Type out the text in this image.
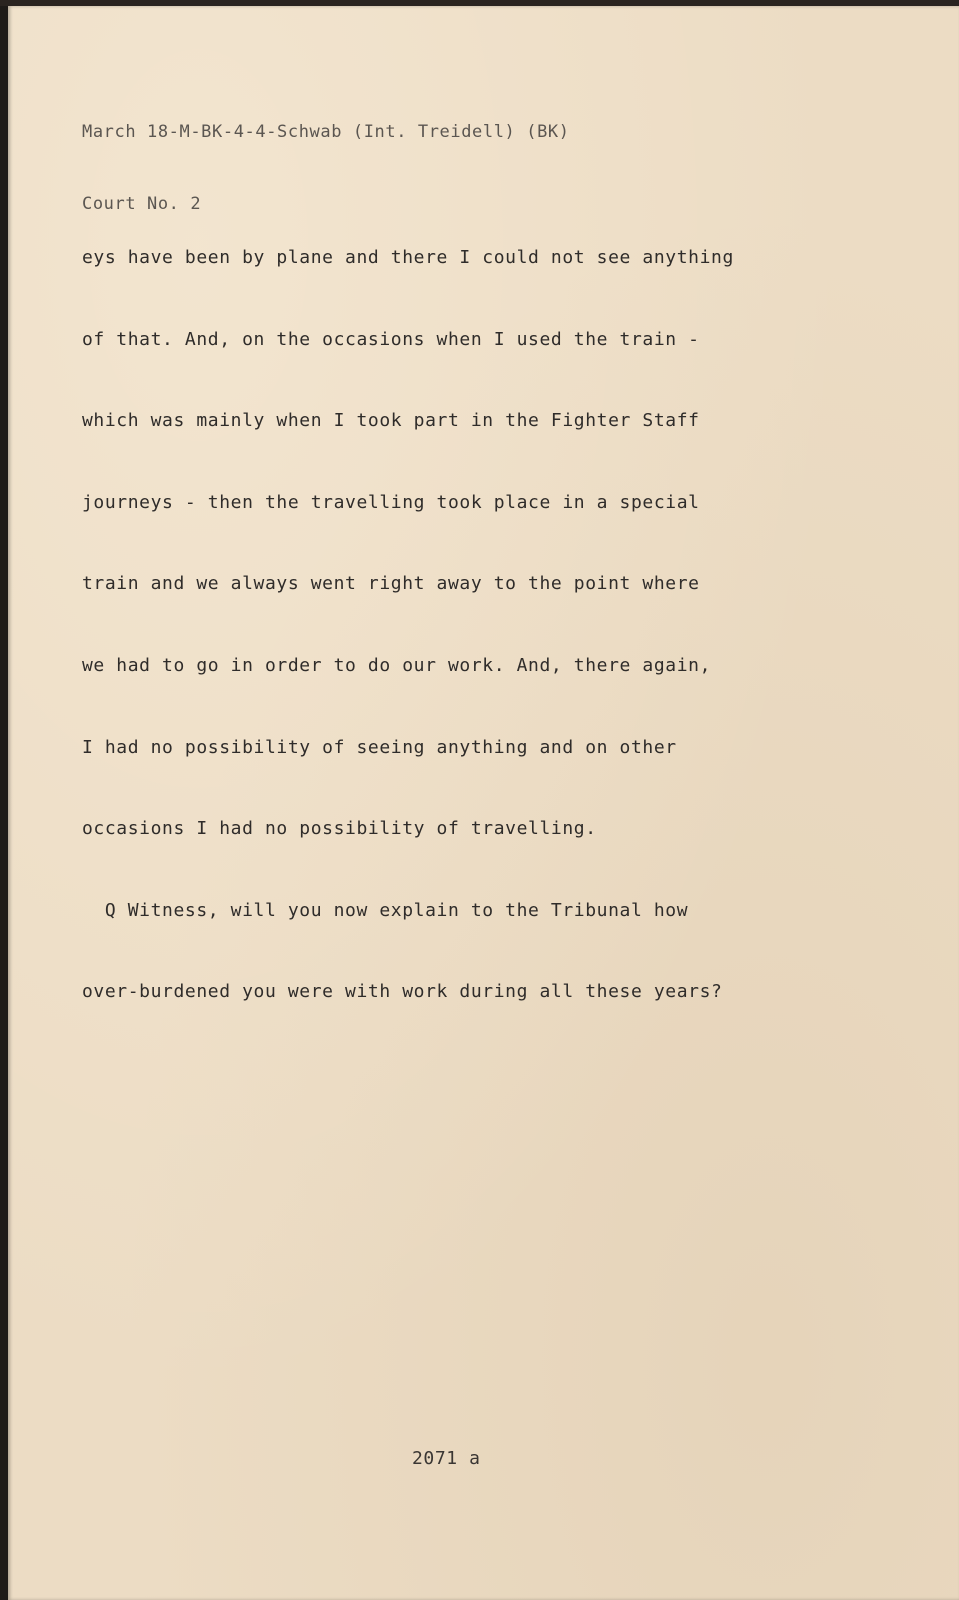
March 18-M-BK-4-4-Schwab (Int. Treidell) (BK)

Court No. 2

eys have been by plane and there I could not see anything

of that. And, on the occasions when I used the train -

which was mainly when I took part in the Fighter Staff

journeys - then the travelling took place in a special

train and we always went right away to the point where

we had to go in order to do our work. And, there again,

I had no possibility of seeing anything and on other

occasions I had no possibility of travelling.

Q Witness, will you now explain to the Tribunal how

over-burdened you were with work during all these years?

2071 a
